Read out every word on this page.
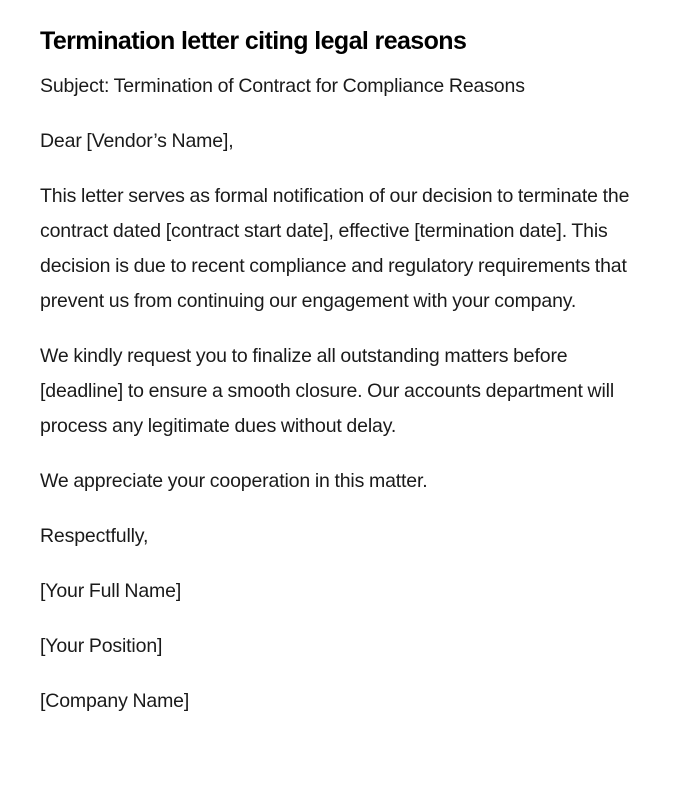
Termination letter citing legal reasons

Subject: Termination of Contract for Compliance Reasons

Dear [Vendor’s Name],

This letter serves as formal notification of our decision to terminate the contract dated [contract start date], effective [termination date]. This decision is due to recent compliance and regulatory requirements that prevent us from continuing our engagement with your company.

We kindly request you to finalize all outstanding matters before [deadline] to ensure a smooth closure. Our accounts department will process any legitimate dues without delay.

We appreciate your cooperation in this matter.

Respectfully,

[Your Full Name]

[Your Position]

[Company Name]
